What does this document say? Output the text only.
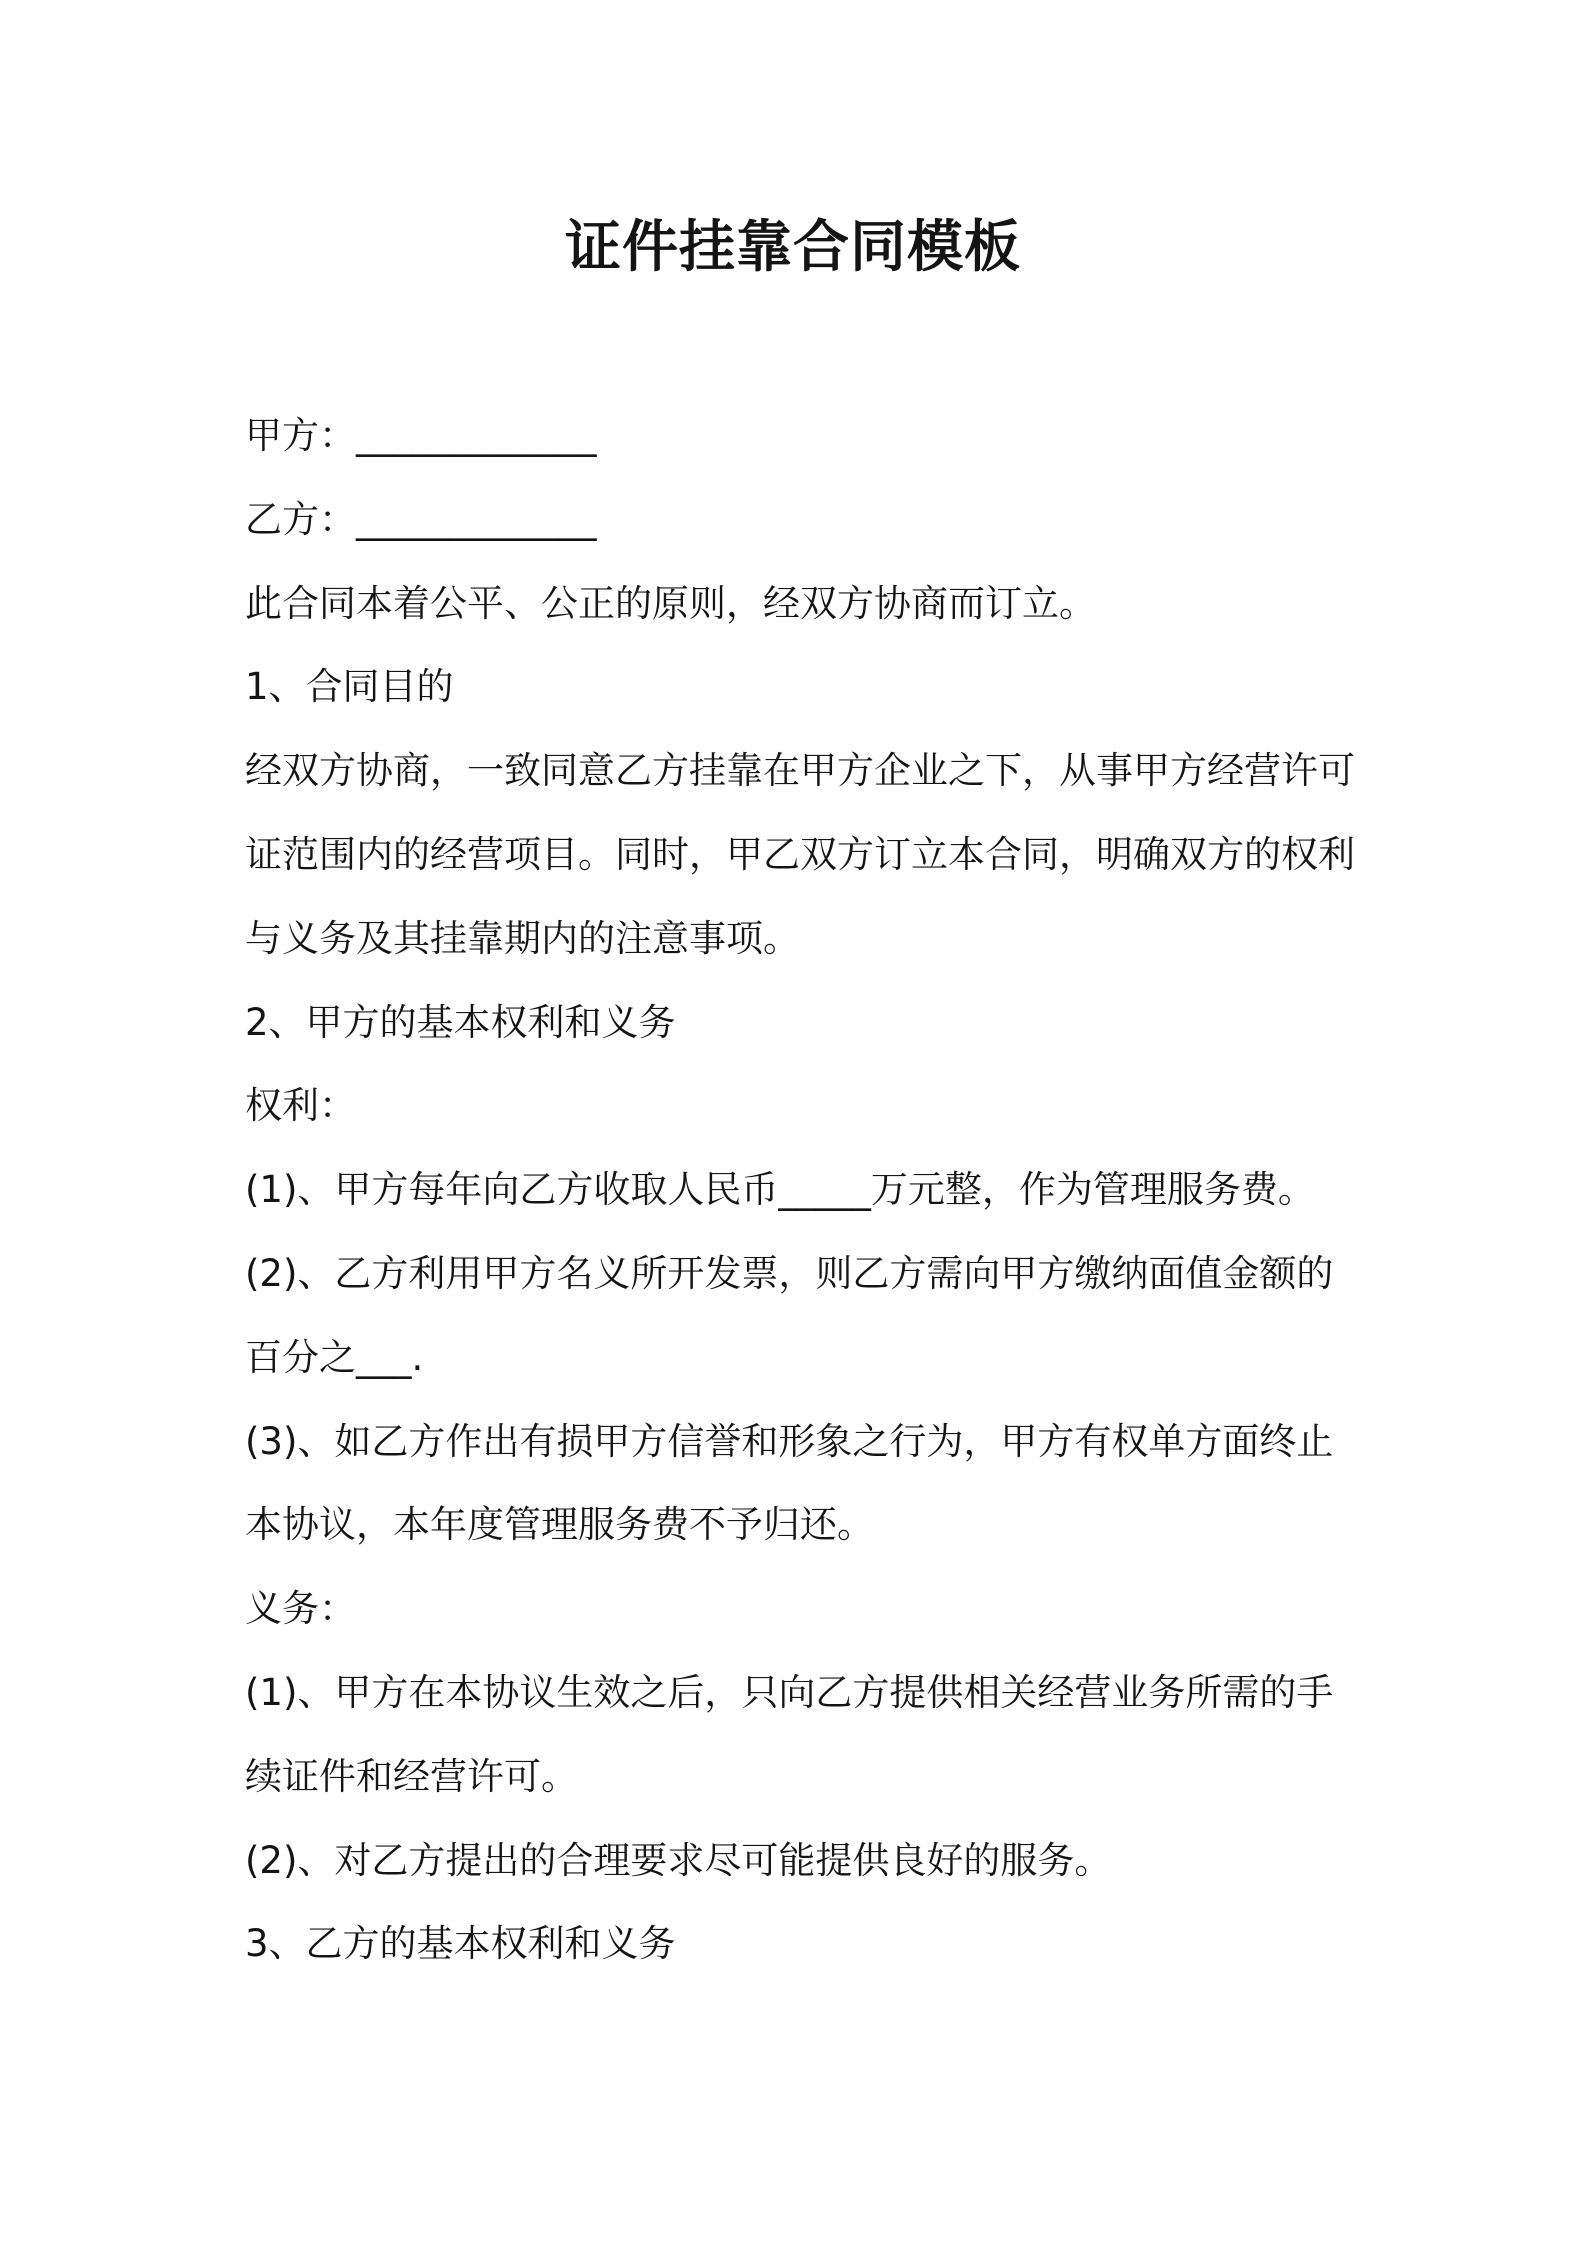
证件挂靠合同模板
甲方：_____________
乙方：_____________
此合同本着公平、公正的原则，经双方协商而订立。
1、合同目的
经双方协商，一致同意乙方挂靠在甲方企业之下，从事甲方经营许可
证范围内的经营项目。同时，甲乙双方订立本合同，明确双方的权利
与义务及其挂靠期内的注意事项。
2、甲方的基本权利和义务
权利：
(1)、甲方每年向乙方收取人民币_____万元整，作为管理服务费。
(2)、乙方利用甲方名义所开发票，则乙方需向甲方缴纳面值金额的
百分之___.
(3)、如乙方作出有损甲方信誉和形象之行为，甲方有权单方面终止
本协议，本年度管理服务费不予归还。
义务：
(1)、甲方在本协议生效之后，只向乙方提供相关经营业务所需的手
续证件和经营许可。
(2)、对乙方提出的合理要求尽可能提供良好的服务。
3、乙方的基本权利和义务
